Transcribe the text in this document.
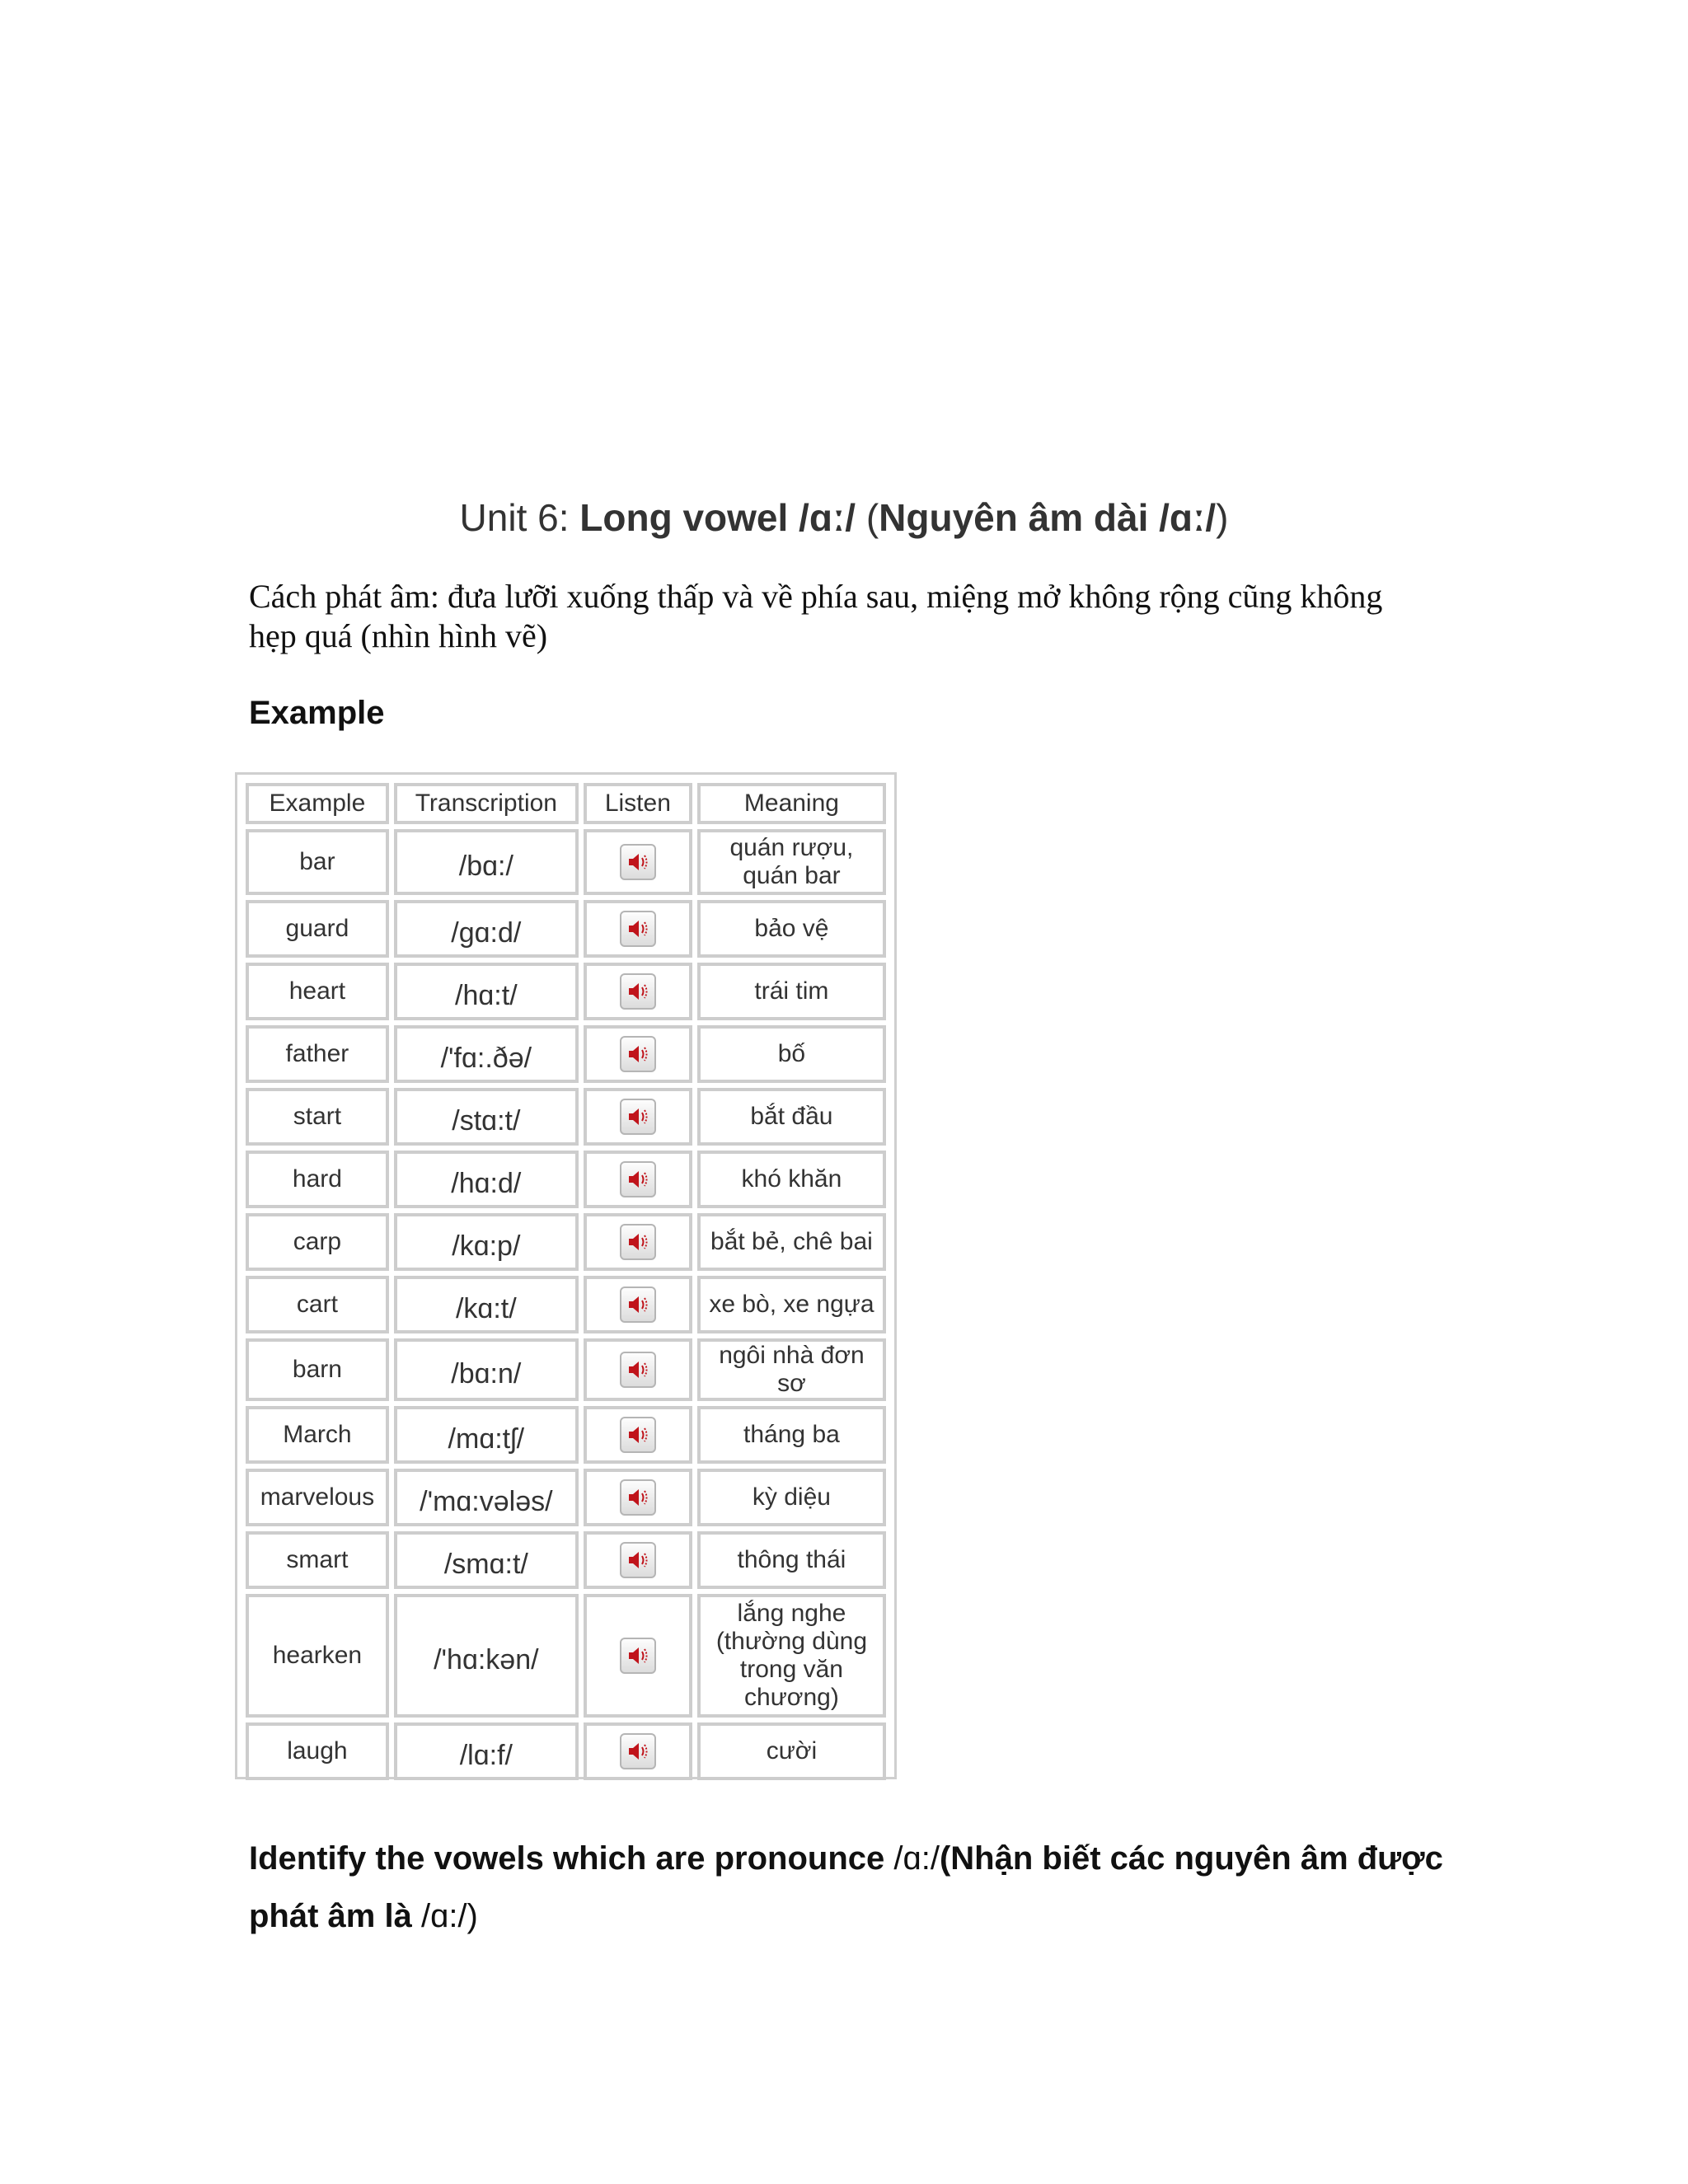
Unit 6: Long vowel /ɑː/ (Nguyên âm dài /ɑː/)

Cách phát âm: đưa lưỡi xuống thấp và về phía sau, miệng mở không rộng cũng không hẹp quá (nhìn hình vẽ)

Example
Example	Transcription	Listen	Meaning
bar	/bɑ:/		quán rượu, quán bar
guard	/gɑ:d/		bảo vệ
heart	/hɑ:t/		trái tim
father	/'fɑ:.ðə/		bố
start	/stɑ:t/		bắt đầu
hard	/hɑ:d/		khó khăn
carp	/kɑ:p/		bắt bẻ, chê bai
cart	/kɑ:t/		xe bò, xe ngựa
barn	/bɑ:n/		ngôi nhà đơn sơ
March	/mɑ:tʃ/		tháng ba
marvelous	/'mɑ:vələs/		kỳ diệu
smart	/smɑ:t/		thông thái
hearken	/'hɑ:kən/		lắng nghe (thường dùng trong văn chương)
laugh	/lɑ:f/		cười

Identify the vowels which are pronounce /ɑ:/(Nhận biết các nguyên âm được phát âm là /ɑ:/)
